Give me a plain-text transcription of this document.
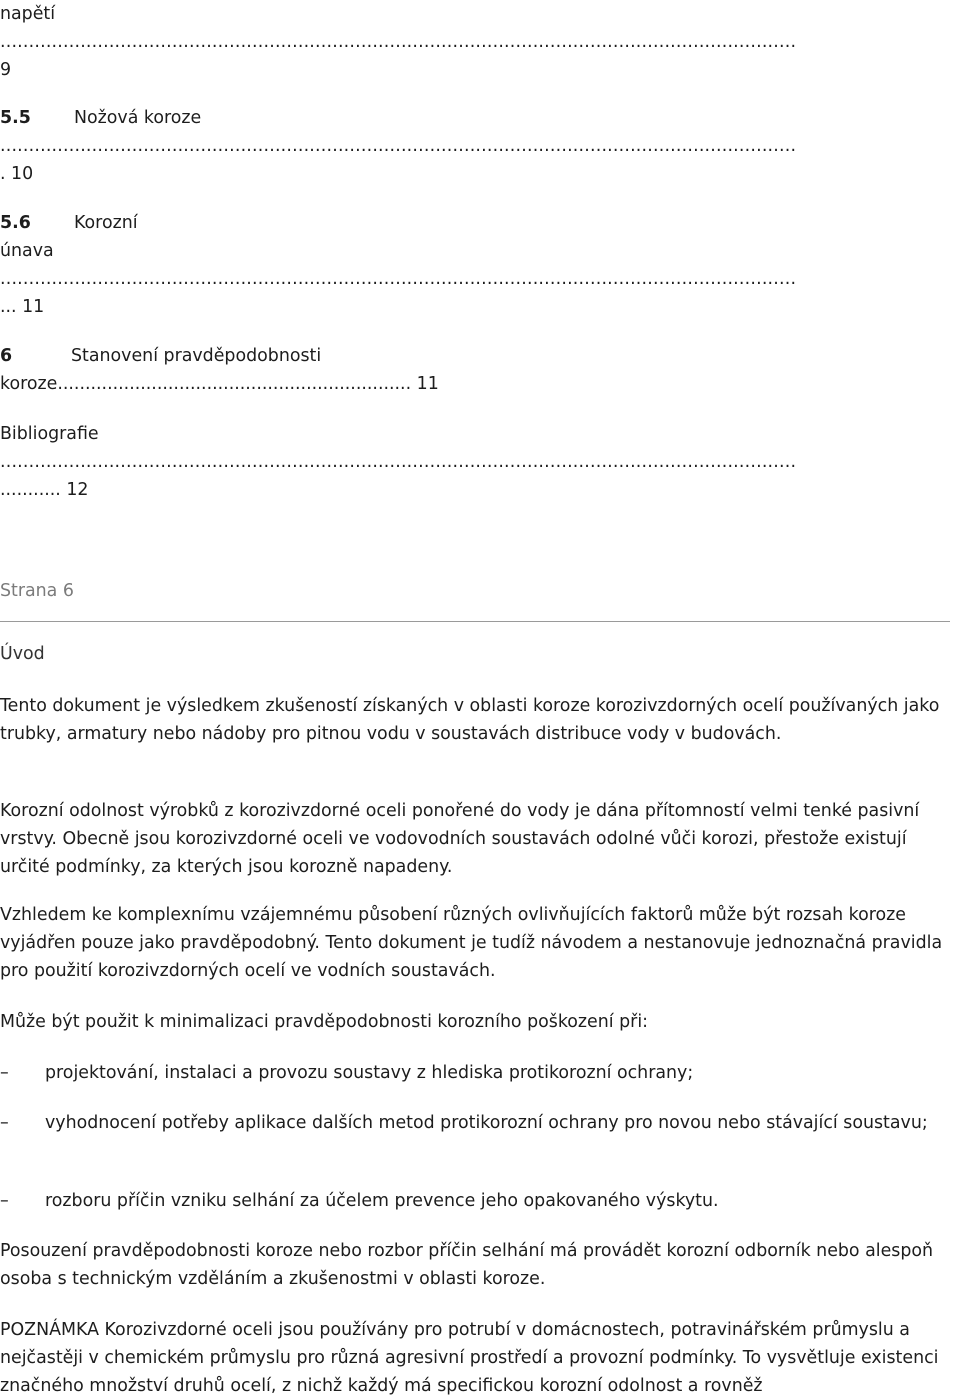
napětí
...........................................................................................................................................
9
5.5 Nožová koroze
...........................................................................................................................................
. 10
5.6 Korozní
únava
...........................................................................................................................................
... 11
6	Stanovení pravděpodobnosti
koroze................................................................ 11
Bibliografie
...........................................................................................................................................
........... 12
Strana 6
Úvod
Tento dokument je výsledkem zkušeností získaných v oblasti koroze korozivzdorných ocelí používaných jako trubky, armatury nebo nádoby pro pitnou vodu v soustavách distribuce vody v budovách.
Korozní odolnost výrobků z korozivzdorné oceli ponořené do vody je dána přítomností velmi tenké pasivní vrstvy. Obecně jsou korozivzdorné oceli ve vodovodních soustavách odolné vůči korozi, přestože existují určité podmínky, za kterých jsou korozně napadeny.
Vzhledem ke komplexnímu vzájemnému působení různých ovlivňujících faktorů může být rozsah koroze vyjádřen pouze jako pravděpodobný. Tento dokument je tudíž návodem a nestanovuje jednoznačná pravidla pro použití korozivzdorných ocelí ve vodních soustavách.
Může být použit k minimalizaci pravděpodobnosti korozního poškození při:
– projektování, instalaci a provozu soustavy z hlediska protikorozní ochrany;
– vyhodnocení potřeby aplikace dalších metod protikorozní ochrany pro novou nebo stávající soustavu;
– rozboru příčin vzniku selhání za účelem prevence jeho opakovaného výskytu.
Posouzení pravděpodobnosti koroze nebo rozbor příčin selhání má provádět korozní odborník nebo alespoň osoba s technickým vzděláním a zkušenostmi v oblasti koroze.
POZNÁMKA Korozivzdorné oceli jsou používány pro potrubí v domácnostech, potravinářském průmyslu a nejčastěji v chemickém průmyslu pro různá agresivní prostředí a provozní podmínky. To vysvětluje existenci značného množství druhů ocelí, z nichž každý má specifickou korozní odolnost a rovněž
